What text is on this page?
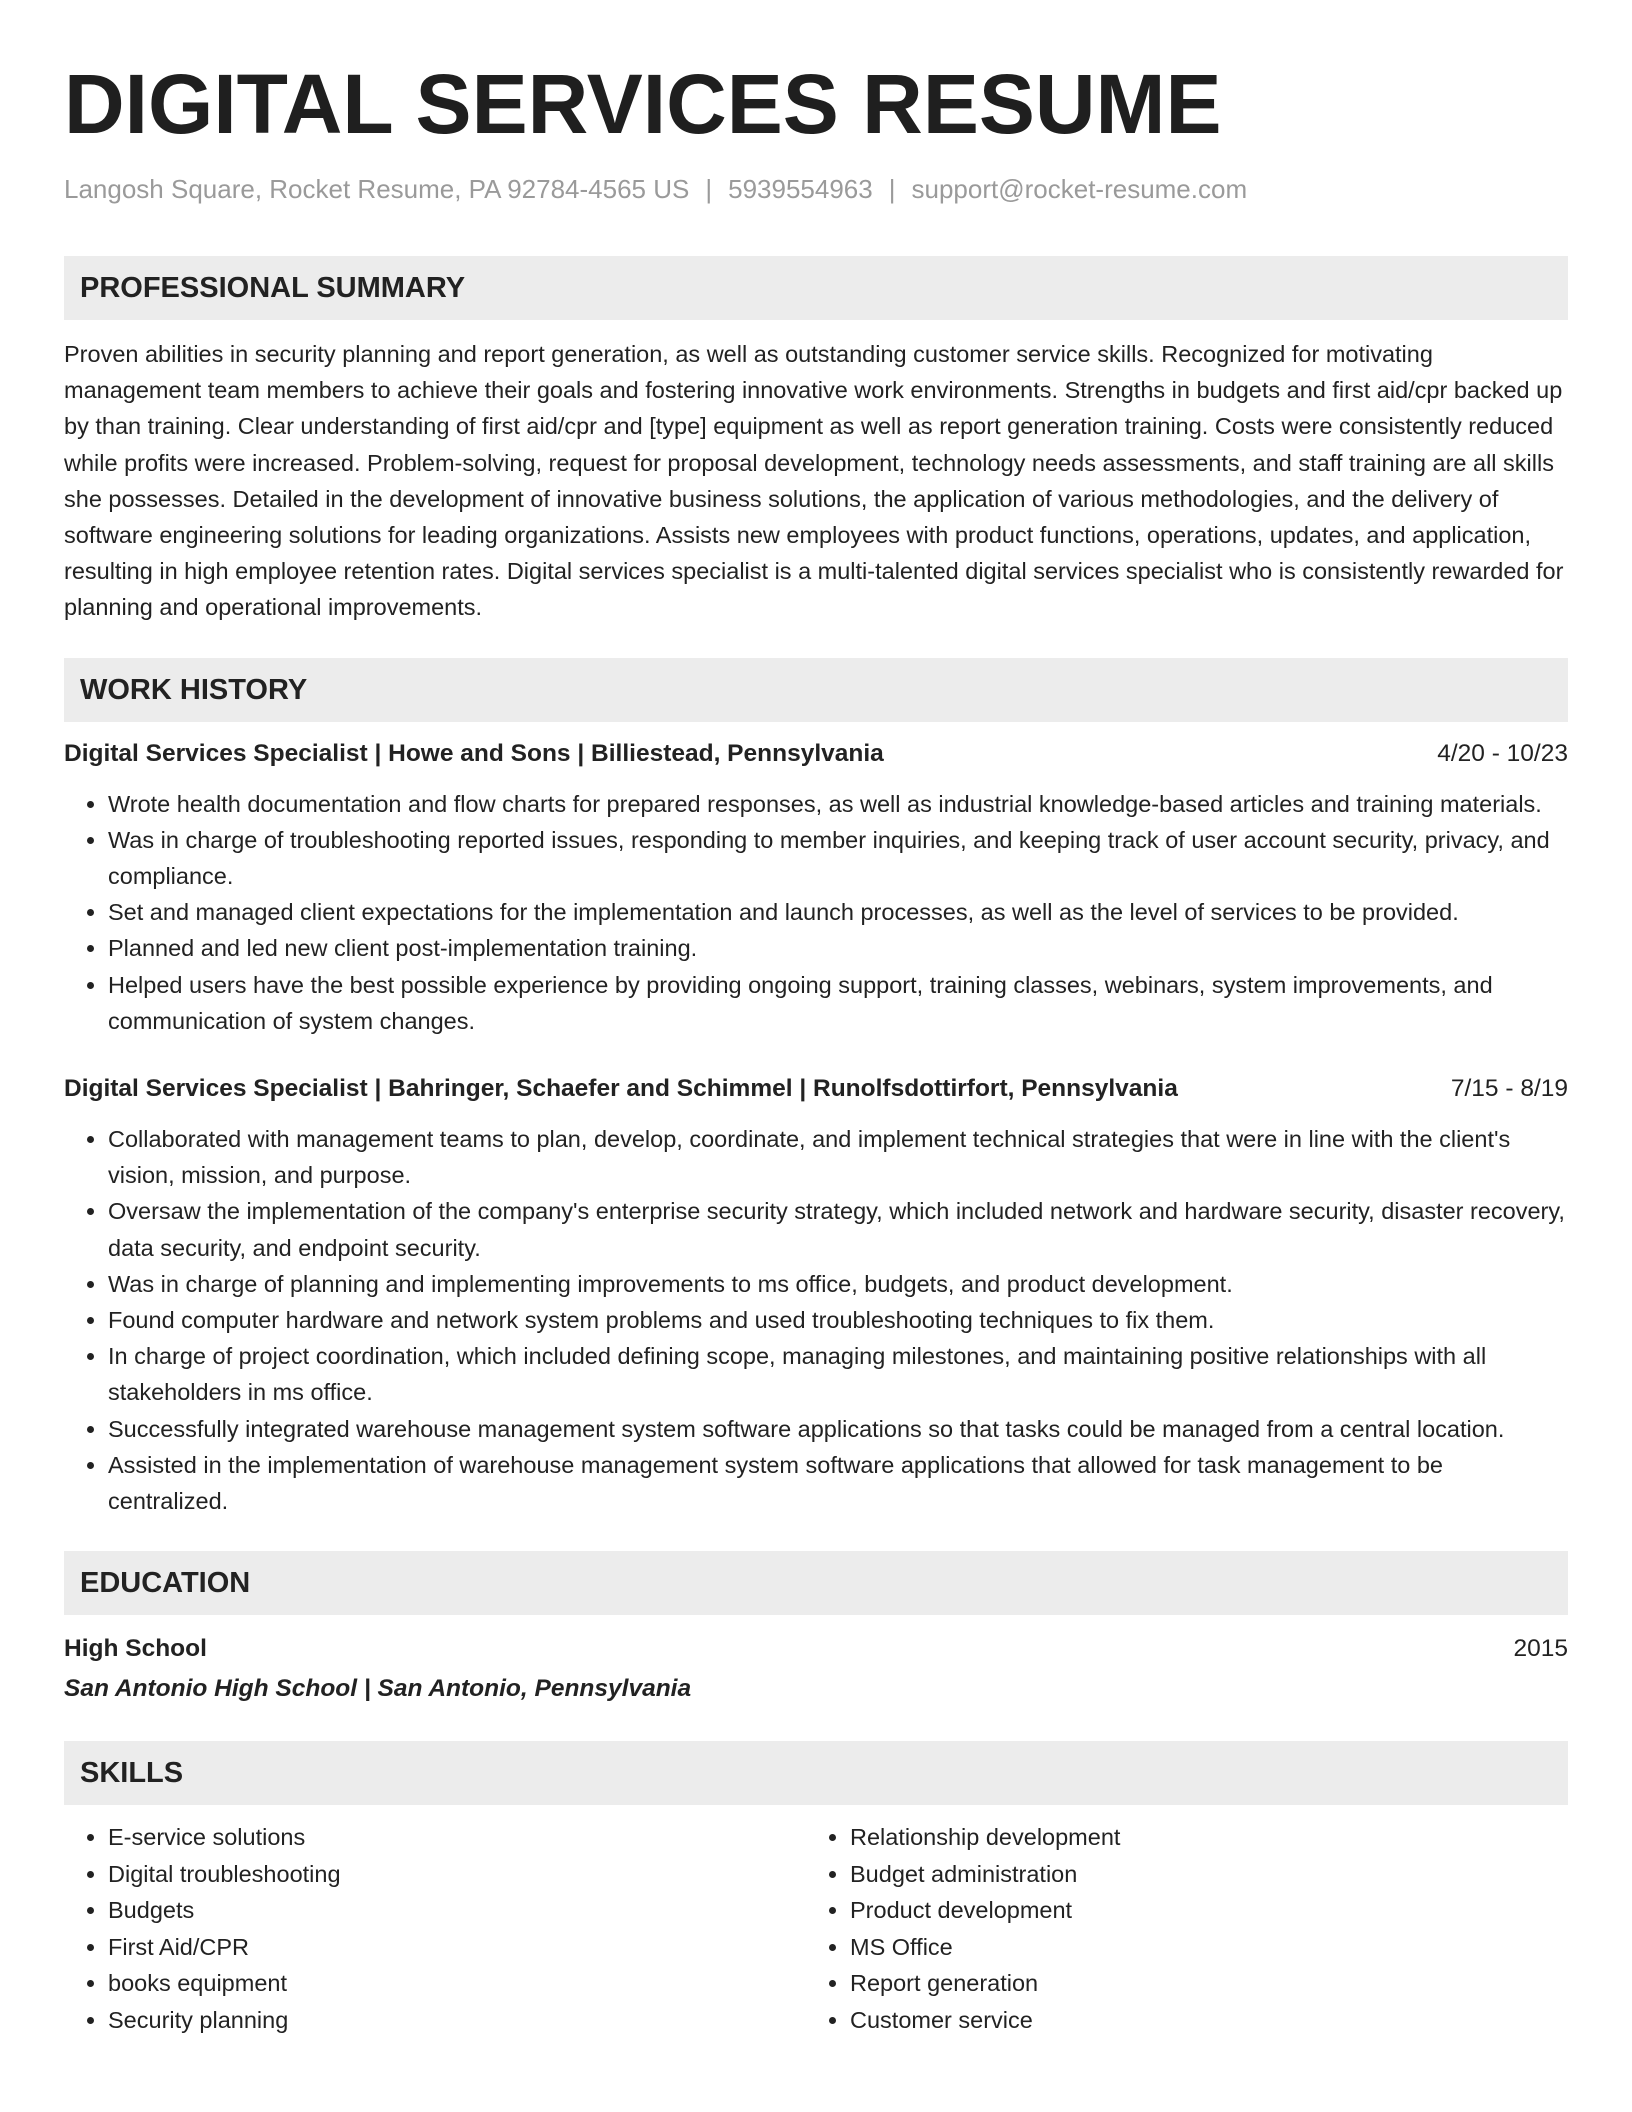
DIGITAL SERVICES RESUME
Langosh Square, Rocket Resume, PA 92784-4565 US | 5939554963 | support@rocket-resume.com
PROFESSIONAL SUMMARY
Proven abilities in security planning and report generation, as well as outstanding customer service skills. Recognized for motivating management team members to achieve their goals and fostering innovative work environments. Strengths in budgets and first aid/cpr backed up by than training. Clear understanding of first aid/cpr and [type] equipment as well as report generation training. Costs were consistently reduced while profits were increased. Problem-solving, request for proposal development, technology needs assessments, and staff training are all skills she possesses. Detailed in the development of innovative business solutions, the application of various methodologies, and the delivery of software engineering solutions for leading organizations. Assists new employees with product functions, operations, updates, and application, resulting in high employee retention rates. Digital services specialist is a multi-talented digital services specialist who is consistently rewarded for planning and operational improvements.
WORK HISTORY
Digital Services Specialist | Howe and Sons | Billiestead, Pennsylvania	4/20 - 10/23
• Wrote health documentation and flow charts for prepared responses, as well as industrial knowledge-based articles and training materials.
• Was in charge of troubleshooting reported issues, responding to member inquiries, and keeping track of user account security, privacy, and compliance.
• Set and managed client expectations for the implementation and launch processes, as well as the level of services to be provided.
• Planned and led new client post-implementation training.
• Helped users have the best possible experience by providing ongoing support, training classes, webinars, system improvements, and communication of system changes.
Digital Services Specialist | Bahringer, Schaefer and Schimmel | Runolfsdottirfort, Pennsylvania	7/15 - 8/19
• Collaborated with management teams to plan, develop, coordinate, and implement technical strategies that were in line with the client's vision, mission, and purpose.
• Oversaw the implementation of the company's enterprise security strategy, which included network and hardware security, disaster recovery, data security, and endpoint security.
• Was in charge of planning and implementing improvements to ms office, budgets, and product development.
• Found computer hardware and network system problems and used troubleshooting techniques to fix them.
• In charge of project coordination, which included defining scope, managing milestones, and maintaining positive relationships with all stakeholders in ms office.
• Successfully integrated warehouse management system software applications so that tasks could be managed from a central location.
• Assisted in the implementation of warehouse management system software applications that allowed for task management to be centralized.
EDUCATION
High School	2015
San Antonio High School | San Antonio, Pennsylvania
SKILLS
• E-service solutions
• Digital troubleshooting
• Budgets
• First Aid/CPR
• books equipment
• Security planning
• Relationship development
• Budget administration
• Product development
• MS Office
• Report generation
• Customer service
